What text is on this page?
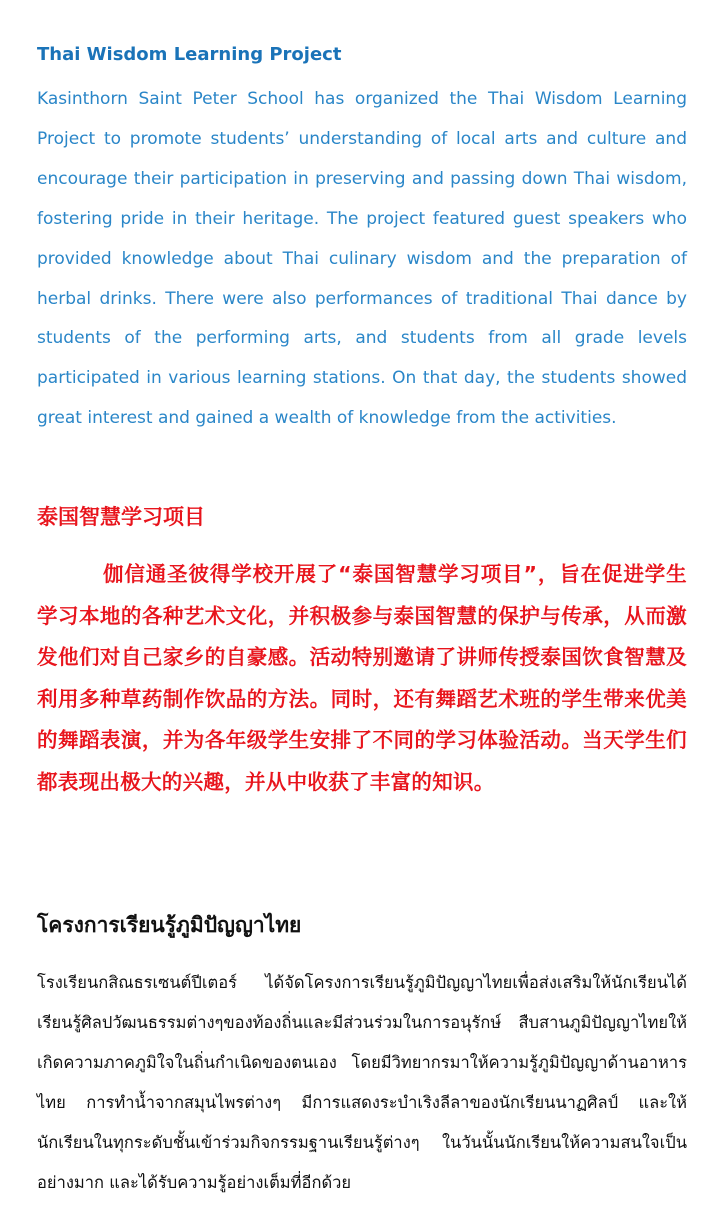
Thai Wisdom Learning Project

Kasinthorn Saint Peter School has organized the Thai Wisdom Learning Project to promote students’ understanding of local arts and culture and encourage their participation in preserving and passing down Thai wisdom, fostering pride in their heritage. The project featured guest speakers who provided knowledge about Thai culinary wisdom and the preparation of herbal drinks. There were also performances of traditional Thai dance by students of the performing arts, and students from all grade levels participated in various learning stations. On that day, the students showed great interest and gained a wealth of knowledge from the activities.

泰国智慧学习项目

伽信通圣彼得学校开展了“泰国智慧学习项目”，旨在促进学生学习本地的各种艺术文化，并积极参与泰国智慧的保护与传承，从而激发他们对自己家乡的自豪感。活动特别邀请了讲师传授泰国饮食智慧及利用多种草药制作饮品的方法。同时，还有舞蹈艺术班的学生带来优美的舞蹈表演，并为各年级学生安排了不同的学习体验活动。当天学生们都表现出极大的兴趣，并从中收获了丰富的知识。

โครงการเรียนรู้ภูมิปัญญาไทย

โรงเรียนกสิณธรเซนต์ปีเตอร์ ได้จัดโครงการเรียนรู้ภูมิปัญญาไทยเพื่อส่งเสริมให้นักเรียนได้เรียนรู้ศิลปวัฒนธรรมต่างๆของท้องถิ่นและมีส่วนร่วมในการอนุรักษ์ สืบสานภูมิปัญญาไทยให้เกิดความภาคภูมิใจในถิ่นกำเนิดของตนเอง โดยมีวิทยากรมาให้ความรู้ภูมิปัญญาด้านอาหารไทย การทำน้ำจากสมุนไพรต่างๆ มีการแสดงระบำเริงลีลาของนักเรียนนาฏศิลป์ และให้นักเรียนในทุกระดับชั้นเข้าร่วมกิจกรรมฐานเรียนรู้ต่างๆ ในวันนั้นนักเรียนให้ความสนใจเป็นอย่างมาก และได้รับความรู้อย่างเต็มที่อีกด้วย
